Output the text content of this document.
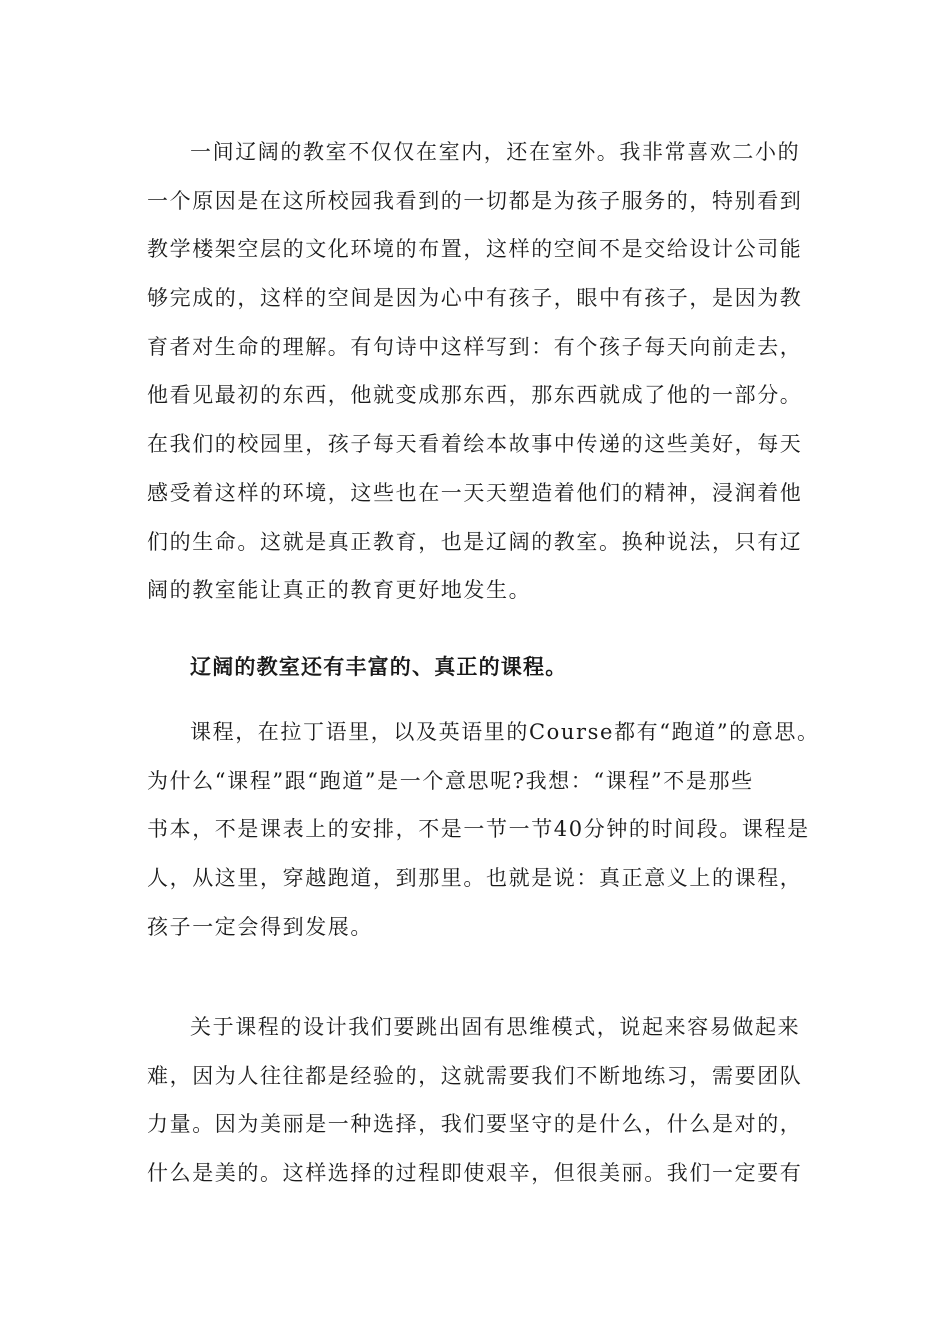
一间辽阔的教室不仅仅在室内，还在室外。我非常喜欢二小的
一个原因是在这所校园我看到的一切都是为孩子服务的，特别看到
教学楼架空层的文化环境的布置，这样的空间不是交给设计公司能
够完成的，这样的空间是因为心中有孩子，眼中有孩子，是因为教
育者对生命的理解。有句诗中这样写到：有个孩子每天向前走去，
他看见最初的东西，他就变成那东西，那东西就成了他的一部分。
在我们的校园里，孩子每天看着绘本故事中传递的这些美好，每天
感受着这样的环境，这些也在一天天塑造着他们的精神，浸润着他
们的生命。这就是真正教育，也是辽阔的教室。换种说法，只有辽
阔的教室能让真正的教育更好地发生。
辽阔的教室还有丰富的、真正的课程。
课程，在拉丁语里，以及英语里的Course都有“跑道”的意思。
为什么“课程”跟“跑道”是一个意思呢?我想：“课程”不是那些
书本，不是课表上的安排，不是一节一节40分钟的时间段。课程是
人，从这里，穿越跑道，到那里。也就是说：真正意义上的课程，
孩子一定会得到发展。
关于课程的设计我们要跳出固有思维模式，说起来容易做起来
难，因为人往往都是经验的，这就需要我们不断地练习，需要团队
力量。因为美丽是一种选择，我们要坚守的是什么，什么是对的，
什么是美的。这样选择的过程即使艰辛，但很美丽。我们一定要有
